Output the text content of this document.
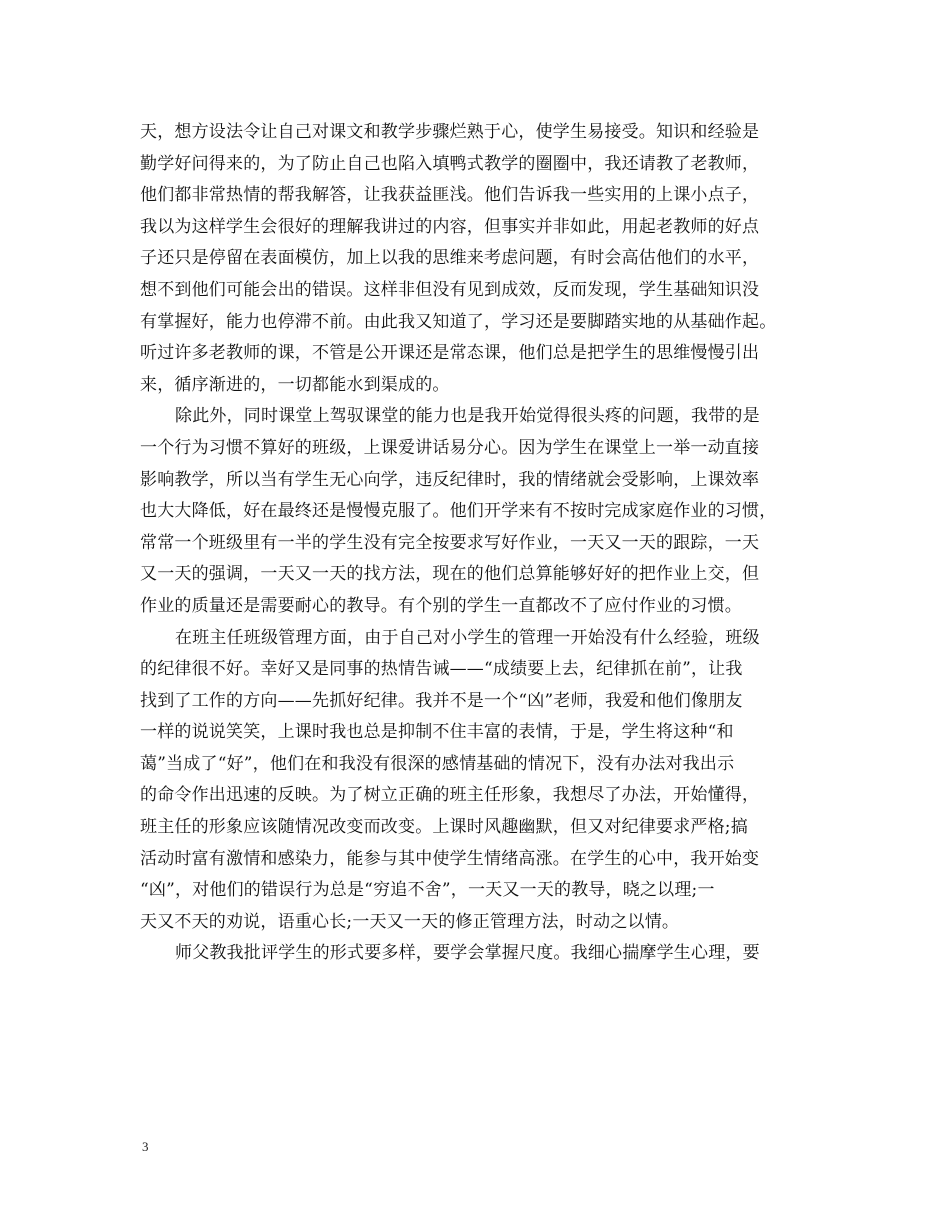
天，想方设法令让自己对课文和教学步骤烂熟于心，使学生易接受。知识和经验是
勤学好问得来的，为了防止自己也陷入填鸭式教学的圈圈中，我还请教了老教师，
他们都非常热情的帮我解答，让我获益匪浅。他们告诉我一些实用的上课小点子，
我以为这样学生会很好的理解我讲过的内容，但事实并非如此，用起老教师的好点
子还只是停留在表面模仿，加上以我的思维来考虑问题，有时会高估他们的水平，
想不到他们可能会出的错误。这样非但没有见到成效，反而发现，学生基础知识没
有掌握好，能力也停滞不前。由此我又知道了，学习还是要脚踏实地的从基础作起。
听过许多老教师的课，不管是公开课还是常态课，他们总是把学生的思维慢慢引出
来，循序渐进的，一切都能水到渠成的。
除此外，同时课堂上驾驭课堂的能力也是我开始觉得很头疼的问题，我带的是
一个行为习惯不算好的班级，上课爱讲话易分心。因为学生在课堂上一举一动直接
影响教学，所以当有学生无心向学，违反纪律时，我的情绪就会受影响，上课效率
也大大降低，好在最终还是慢慢克服了。他们开学来有不按时完成家庭作业的习惯，
常常一个班级里有一半的学生没有完全按要求写好作业，一天又一天的跟踪，一天
又一天的强调，一天又一天的找方法，现在的他们总算能够好好的把作业上交，但
作业的质量还是需要耐心的教导。有个别的学生一直都改不了应付作业的习惯。
在班主任班级管理方面，由于自己对小学生的管理一开始没有什么经验，班级
的纪律很不好。幸好又是同事的热情告诫——“成绩要上去，纪律抓在前”，让我
找到了工作的方向——先抓好纪律。我并不是一个“凶”老师，我爱和他们像朋友
一样的说说笑笑，上课时我也总是抑制不住丰富的表情，于是，学生将这种“和
蔼”当成了“好”，他们在和我没有很深的感情基础的情况下，没有办法对我出示
的命令作出迅速的反映。为了树立正确的班主任形象，我想尽了办法，开始懂得，
班主任的形象应该随情况改变而改变。上课时风趣幽默，但又对纪律要求严格;搞
活动时富有激情和感染力，能参与其中使学生情绪高涨。在学生的心中，我开始变
“凶”，对他们的错误行为总是“穷追不舍”，一天又一天的教导，晓之以理;一
天又不天的劝说，语重心长;一天又一天的修正管理方法，时动之以情。
师父教我批评学生的形式要多样，要学会掌握尺度。我细心揣摩学生心理，要
3
